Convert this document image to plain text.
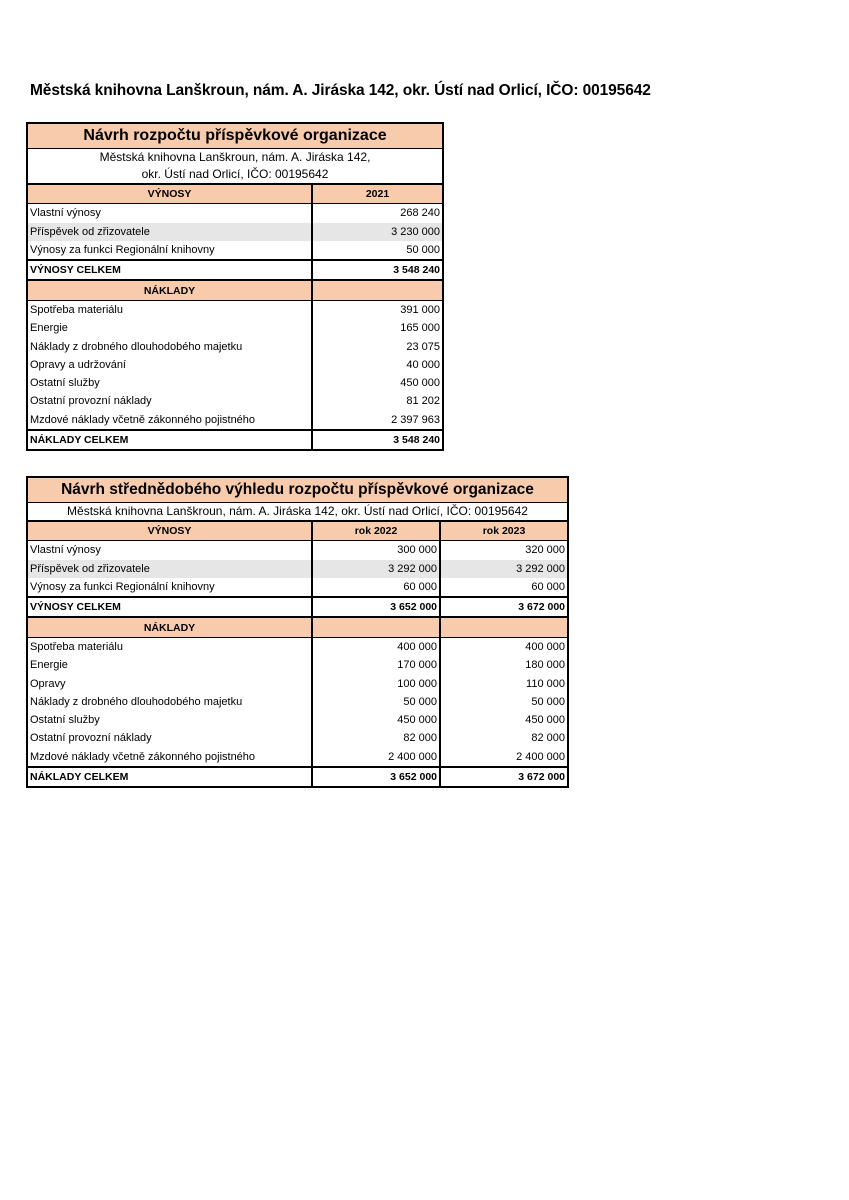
Městská knihovna Lanškroun, nám. A. Jiráska 142, okr. Ústí nad Orlicí, IČO: 00195642
Návrh rozpočtu příspěvkové organizace	
Městská knihovna Lanškroun, nám. A. Jiráska 142,	
okr. Ústí nad Orlicí, IČO: 00195642	
VÝNOSY	2021
Vlastní výnosy	268 240
Příspěvek od zřizovatele	3 230 000
Výnosy za funkci Regionální knihovny	50 000
VÝNOSY CELKEM	3 548 240
NÁKLADY	
Spotřeba materiálu	391 000
Energie	165 000
Náklady z drobného dlouhodobého majetku	23 075
Opravy a udržování	40 000
Ostatní služby	450 000
Ostatní provozní náklady	81 202
Mzdové náklady včetně zákonného pojistného	2 397 963
NÁKLADY CELKEM	3 548 240
Návrh střednědobého výhledu rozpočtu příspěvkové organizace		
Městská knihovna Lanškroun, nám. A. Jiráska 142, okr. Ústí nad Orlicí, IČO: 00195642		
VÝNOSY	rok 2022	rok 2023
Vlastní výnosy	300 000	320 000
Příspěvek od zřizovatele	3 292 000	3 292 000
Výnosy za funkci Regionální knihovny	60 000	60 000
VÝNOSY CELKEM	3 652 000	3 672 000
NÁKLADY		
Spotřeba materiálu	400 000	400 000
Energie	170 000	180 000
Opravy	100 000	110 000
Náklady z drobného dlouhodobého majetku	50 000	50 000
Ostatní služby	450 000	450 000
Ostatní provozní náklady	82 000	82 000
Mzdové náklady včetně zákonného pojistného	2 400 000	2 400 000
NÁKLADY CELKEM	3 652 000	3 672 000
